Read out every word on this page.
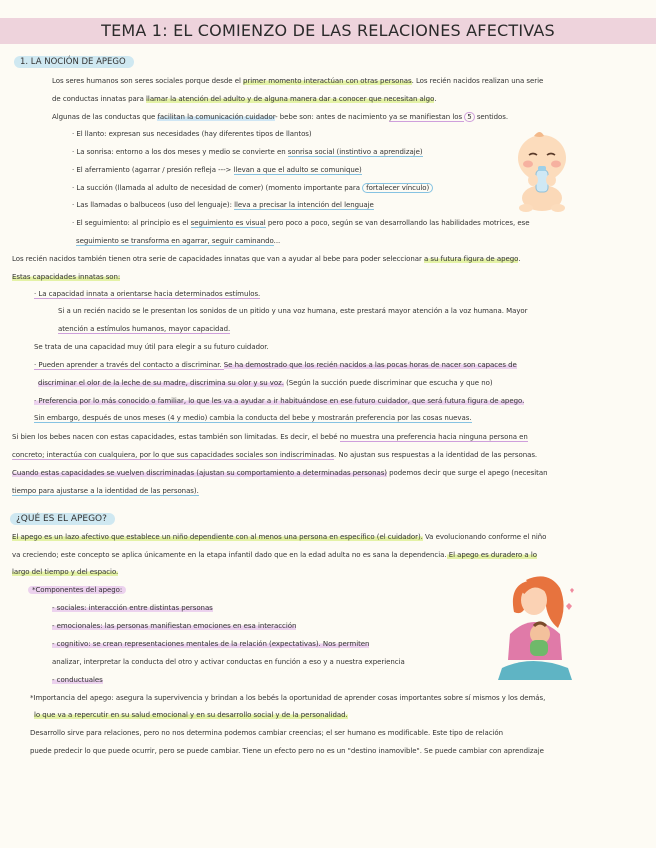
TEMA 1: EL COMIENZO DE LAS RELACIONES AFECTIVAS
1. LA NOCIÓN DE APEGO
Los seres humanos son seres sociales porque desde el primer momento interactúan con otras personas. Los recién nacidos realizan una serie
de conductas innatas para llamar la atención del adulto y de alguna manera dar a conocer que necesitan algo.
Algunas de las conductas que facilitan la comunicación cuidador- bebe son: antes de nacimiento ya se manifiestan los 5 sentidos.
· El llanto: expresan sus necesidades (hay diferentes tipos de llantos)
· La sonrisa: entorno a los dos meses y medio se convierte en sonrisa social (instintivo a aprendizaje)
· El aferramiento (agarrar / presión refleja ---> llevan a que el adulto se comunique)
· La succión (llamada al adulto de necesidad de comer) (momento importante para fortalecer vínculo)
· Las llamadas o balbuceos (uso del lenguaje): lleva a precisar la intención del lenguaje
· El seguimiento: al principio es el seguimiento es visual pero poco a poco, según se van desarrollando las habilidades motrices, ese
seguimiento se transforma en agarrar, seguir caminando...
Los recién nacidos también tienen otra serie de capacidades innatas que van a ayudar al bebe para poder seleccionar a su futura figura de apego.
Estas capacidades innatas son:
· La capacidad innata a orientarse hacia determinados estímulos.
Si a un recién nacido se le presentan los sonidos de un pitido y una voz humana, este prestará mayor atención a la voz humana. Mayor
atención a estímulos humanos, mayor capacidad.
Se trata de una capacidad muy útil para elegir a su futuro cuidador.
· Pueden aprender a través del contacto a discriminar. Se ha demostrado que los recién nacidos a las pocas horas de nacer son capaces de
discriminar el olor de la leche de su madre, discrimina su olor y su voz. (Según la succión puede discriminar que escucha y que no)
· Preferencia por lo más conocido o familiar, lo que les va a ayudar a ir habituándose en ese futuro cuidador, que será futura figura de apego.
Sin embargo, después de unos meses (4 y medio) cambia la conducta del bebe y mostrarán preferencia por las cosas nuevas.
Si bien los bebes nacen con estas capacidades, estas también son limitadas. Es decir, el bebé no muestra una preferencia hacia ninguna persona en
concreto; interactúa con cualquiera, por lo que sus capacidades sociales son indiscriminadas. No ajustan sus respuestas a la identidad de las personas.
Cuando estas capacidades se vuelven discriminadas (ajustan su comportamiento a determinadas personas) podemos decir que surge el apego (necesitan
tiempo para ajustarse a la identidad de las personas).
¿QUÉ ES EL APEGO?
El apego es un lazo afectivo que establece un niño dependiente con al menos una persona en específico (el cuidador). Va evolucionando conforme el niño
va creciendo; este concepto se aplica únicamente en la etapa infantil dado que en la edad adulta no es sana la dependencia. El apego es duradero a lo
largo del tiempo y del espacio.
*Componentes del apego:
- sociales: interacción entre distintas personas
- emocionales: las personas manifiestan emociones en esa interacción
- cognitivo: se crean representaciones mentales de la relación (expectativas). Nos permiten
analizar, interpretar la conducta del otro y activar conductas en función a eso y a nuestra experiencia
- conductuales
*Importancia del apego: asegura la supervivencia y brindan a los bebés la oportunidad de aprender cosas importantes sobre sí mismos y los demás,
lo que va a repercutir en su salud emocional y en su desarrollo social y de la personalidad.
Desarrollo sirve para relaciones, pero no nos determina podemos cambiar creencias; el ser humano es modificable. Este tipo de relación
puede predecir lo que puede ocurrir, pero se puede cambiar. Tiene un efecto pero no es un "destino inamovible". Se puede cambiar con aprendizaje
